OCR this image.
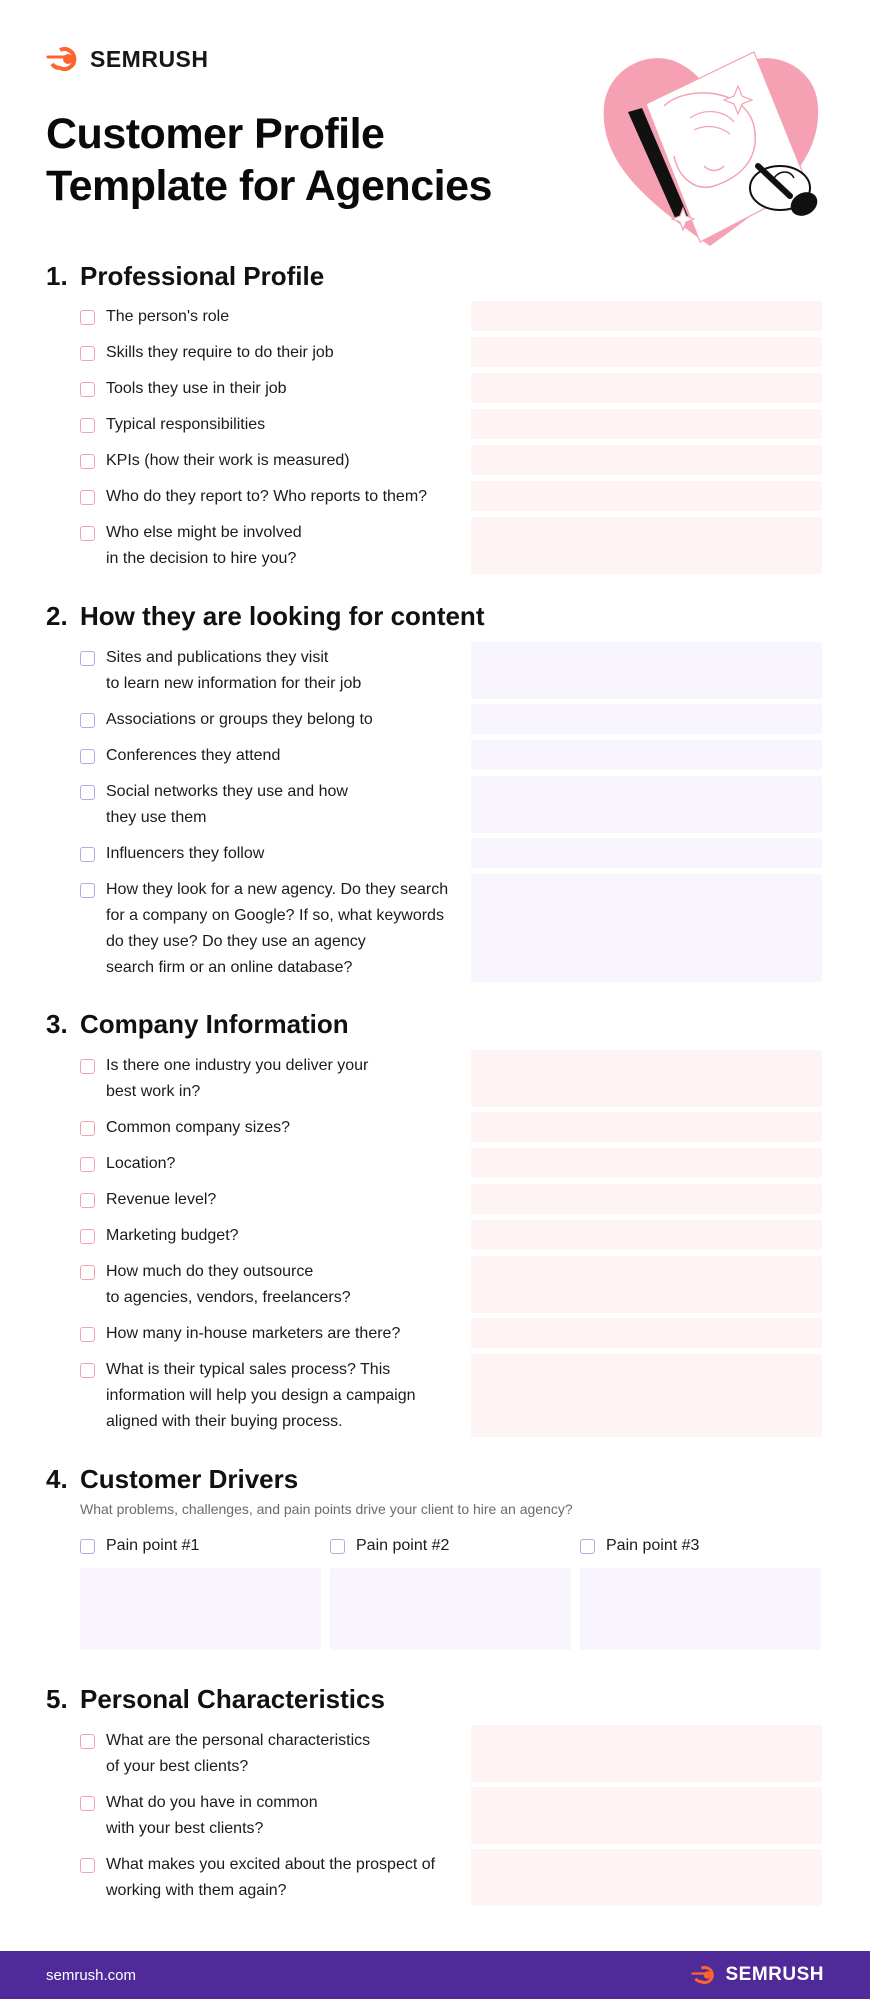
SEMRUSH
Customer Profile
Template for Agencies
1. Professional Profile
The person's role
Skills they require to do their job
Tools they use in their job
Typical responsibilities
KPIs (how their work is measured)
Who do they report to? Who reports to them?
Who else might be involved
in the decision to hire you?
2. How they are looking for content
Sites and publications they visit
to learn new information for their job
Associations or groups they belong to
Conferences they attend
Social networks they use and how
they use them
Influencers they follow
How they look for a new agency. Do they search
for a company on Google? If so, what keywords
do they use? Do they use an agency
search firm or an online database?
3. Company Information
Is there one industry you deliver your
best work in?
Common company sizes?
Location?
Revenue level?
Marketing budget?
How much do they outsource
to agencies, vendors, freelancers?
How many in-house marketers are there?
What is their typical sales process? This
information will help you design a campaign
aligned with their buying process.
4. Customer Drivers
What problems, challenges, and pain points drive your client to hire an agency?
Pain point #1	Pain point #2	Pain point #3
5. Personal Characteristics
What are the personal characteristics
of your best clients?
What do you have in common
with your best clients?
What makes you excited about the prospect of
working with them again?
semrush.com	SEMRUSH
